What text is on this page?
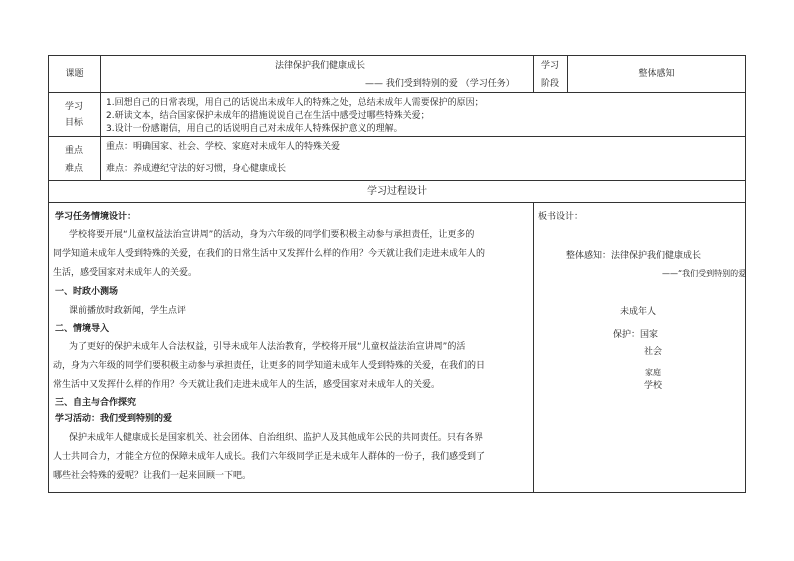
课题
法律保护我们健康成长
—— 我们受到特别的爱 （学习任务）
学习
阶段
整体感知
学习
目标
1.回想自己的日常表现，用自己的话说出未成年人的特殊之处，总结未成年人需要保护的原因；
2.研读文本，结合国家保护未成年的措施说说自己在生活中感受过哪些特殊关爱；
3.设计一份感谢信，用自己的话说明自己对未成年人特殊保护意义的理解。
重点
难点
重点：明确国家、社会、学校、家庭对未成年人的特殊关爱
难点：养成遵纪守法的好习惯，身心健康成长
学习过程设计
学习任务情境设计：
学校将要开展“儿童权益法治宣讲周”的活动，身为六年级的同学们要积极主动参与承担责任，让更多的
同学知道未成年人受到特殊的关爱，在我们的日常生活中又发挥什么样的作用？今天就让我们走进未成年人的
生活，感受国家对未成年人的关爱。
一、时政小测场
课前播放时政新闻，学生点评
二、情境导入
为了更好的保护未成年人合法权益，引导未成年人法治教育，学校将开展“儿童权益法治宣讲周”的活
动，身为六年级的同学们要积极主动参与承担责任，让更多的同学知道未成年人受到特殊的关爱，在我们的日
常生活中又发挥什么样的作用？今天就让我们走进未成年人的生活，感受国家对未成年人的关爱。
三、自主与合作探究
学习活动：我们受到特别的爱
保护未成年人健康成长是国家机关、社会团体、自治组织、监护人及其他成年公民的共同责任。只有各界
人士共同合力，才能全方位的保障未成年人成长。我们六年级同学正是未成年人群体的一份子，我们感受到了
哪些社会特殊的爱呢？让我们一起来回顾一下吧。
板书设计：
整体感知：法律保护我们健康成长
——“我们受到特别的爱
未成年人
保护：国家
社会
家庭
学校
